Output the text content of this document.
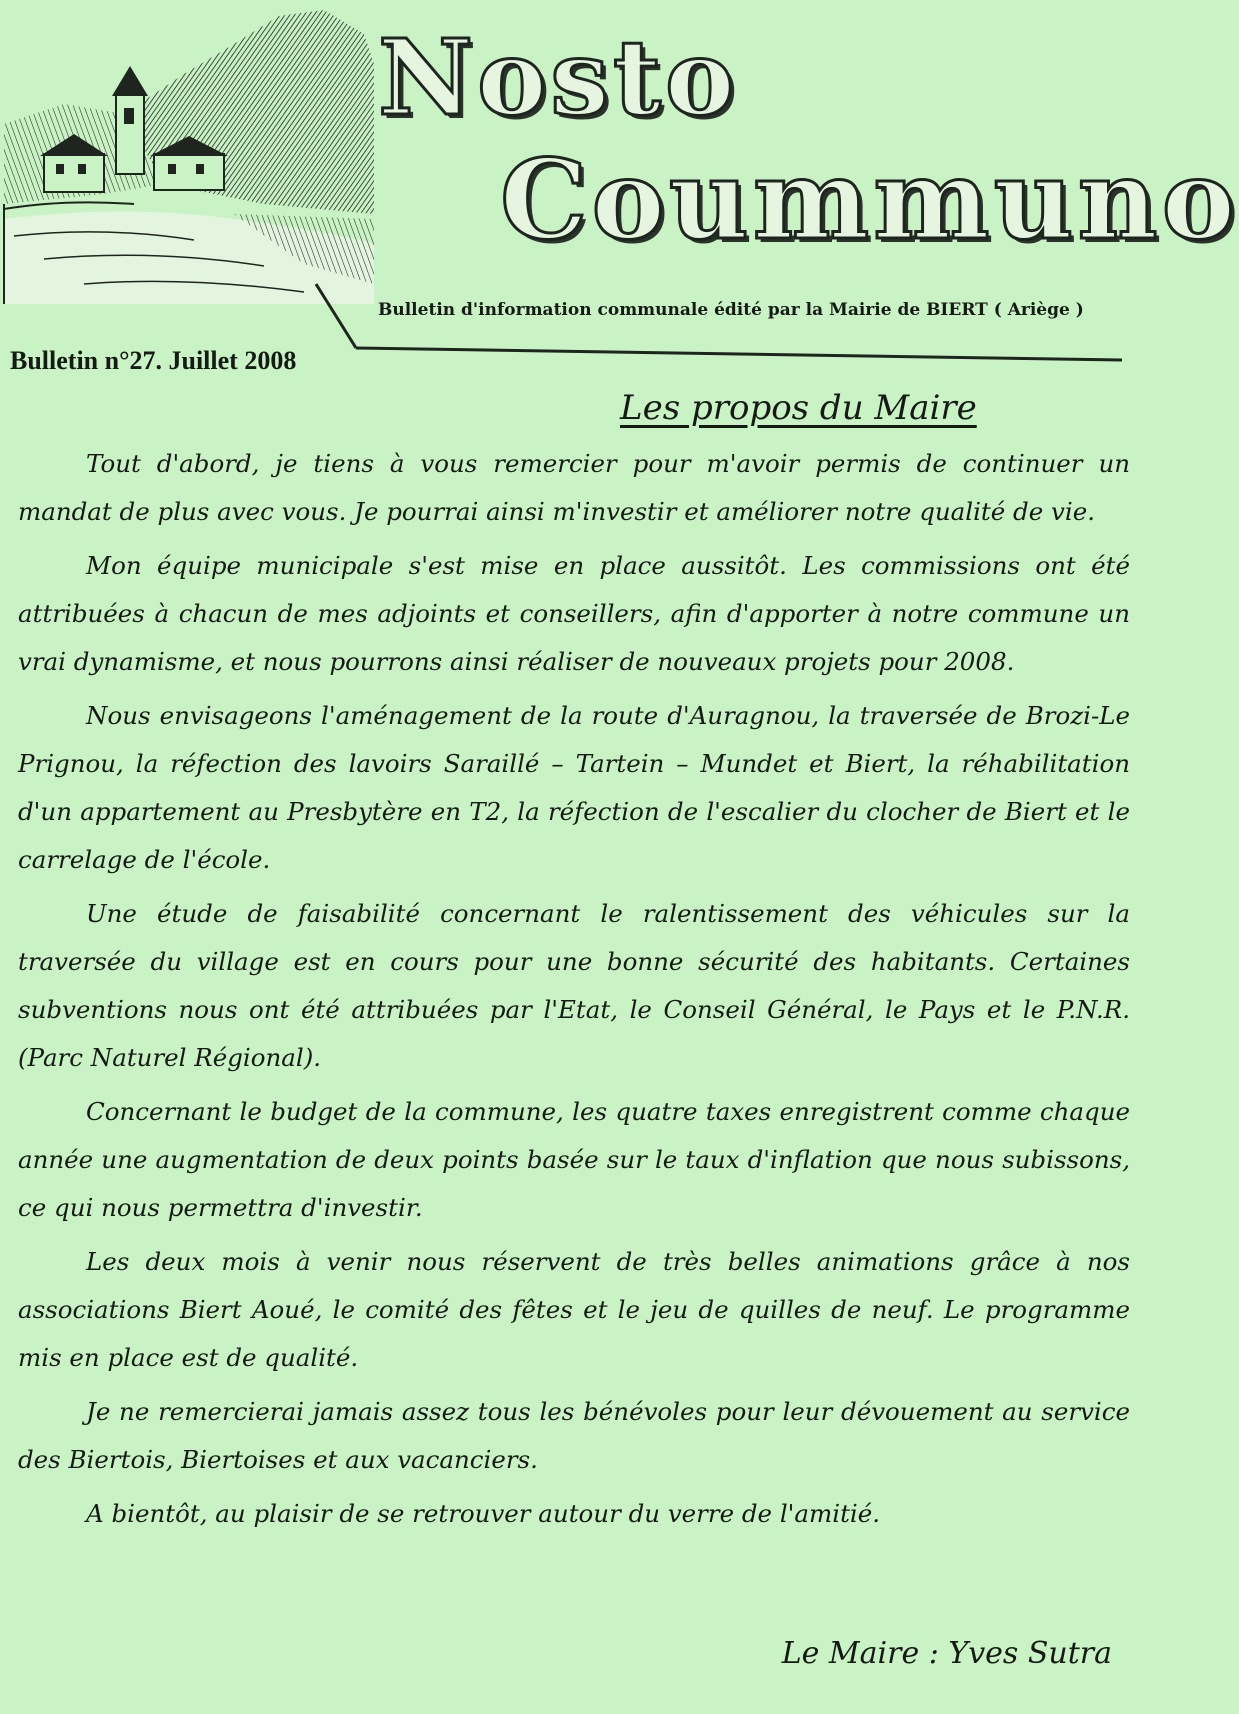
Nosto
Coummuno
Bulletin d'information communale édité par la Mairie de BIERT ( Ariège )
Bulletin n°27. Juillet 2008
Les propos du Maire

Tout d'abord, je tiens à vous remercier pour m'avoir permis de continuer un mandat de plus avec vous. Je pourrai ainsi m'investir et améliorer notre qualité de vie.

Mon équipe municipale s'est mise en place aussitôt. Les commissions ont été attribuées à chacun de mes adjoints et conseillers, afin d'apporter à notre commune un vrai dynamisme, et nous pourrons ainsi réaliser de nouveaux projets pour 2008.

Nous envisageons l'aménagement de la route d'Auragnou, la traversée de Brozi-Le Prignou, la réfection des lavoirs Saraillé – Tartein – Mundet et Biert, la réhabilitation d'un appartement au Presbytère en T2, la réfection de l'escalier du clocher de Biert et le carrelage de l'école.

Une étude de faisabilité concernant le ralentissement des véhicules sur la traversée du village est en cours pour une bonne sécurité des habitants. Certaines subventions nous ont été attribuées par l'Etat, le Conseil Général, le Pays et le P.N.R. (Parc Naturel Régional).

Concernant le budget de la commune, les quatre taxes enregistrent comme chaque année une augmentation de deux points basée sur le taux d'inflation que nous subissons, ce qui nous permettra d'investir.

Les deux mois à venir nous réservent de très belles animations grâce à nos associations Biert Aoué, le comité des fêtes et le jeu de quilles de neuf. Le programme mis en place est de qualité.

Je ne remercierai jamais assez tous les bénévoles pour leur dévouement au service des Biertois, Biertoises et aux vacanciers.

A bientôt, au plaisir de se retrouver autour du verre de l'amitié.

Le Maire : Yves Sutra
